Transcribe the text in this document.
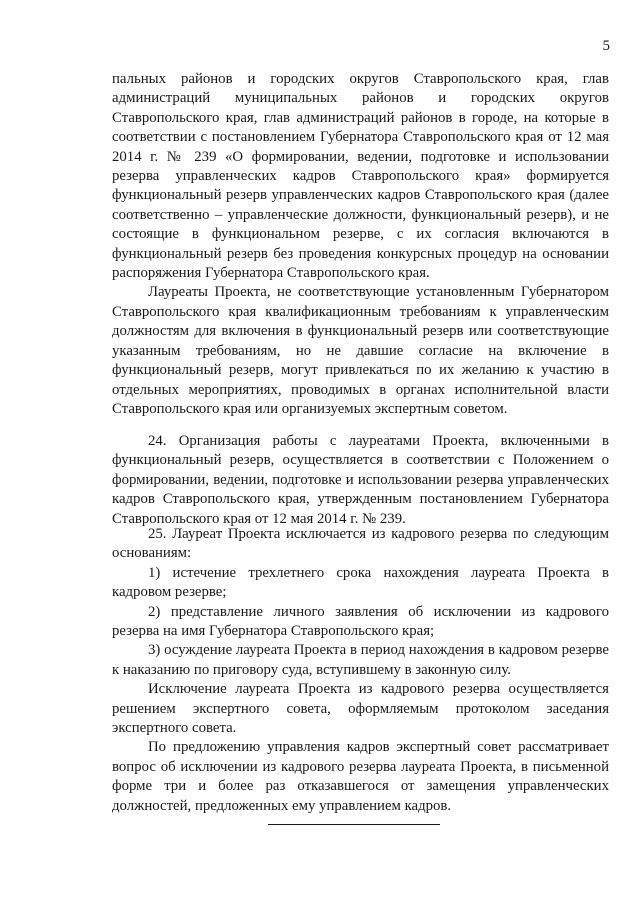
5

пальных районов и городских округов Ставропольского края, глав администраций муниципальных районов и городских округов Ставропольского края, глав администраций районов в городе, на которые в соответствии с постановлением Губернатора Ставропольского края от 12 мая 2014 г. № 239 «О формировании, ведении, подготовке и использовании резерва управленческих кадров Ставропольского края» формируется функциональный резерв управленческих кадров Ставропольского края (далее соответственно – управленческие должности, функциональный резерв), и не состоящие в функциональном резерве, с их согласия включаются в функциональный резерв без проведения конкурсных процедур на основании распоряжения Губернатора Ставропольского края.

Лауреаты Проекта, не соответствующие установленным Губернатором Ставропольского края квалификационным требованиям к управленческим должностям для включения в функциональный резерв или соответствующие указанным требованиям, но не давшие согласие на включение в функциональный резерв, могут привлекаться по их желанию к участию в отдельных мероприятиях, проводимых в органах исполнительной власти Ставропольского края или организуемых экспертным советом.

24. Организация работы с лауреатами Проекта, включенными в функциональный резерв, осуществляется в соответствии с Положением о формировании, ведении, подготовке и использовании резерва управленческих кадров Ставропольского края, утвержденным постановлением Губернатора Ставропольского края от 12 мая 2014 г. № 239.

25. Лауреат Проекта исключается из кадрового резерва по следующим основаниям:

1) истечение трехлетнего срока нахождения лауреата Проекта в кадровом резерве;

2) представление личного заявления об исключении из кадрового резерва на имя Губернатора Ставропольского края;

3) осуждение лауреата Проекта в период нахождения в кадровом резерве к наказанию по приговору суда, вступившему в законную силу.

Исключение лауреата Проекта из кадрового резерва осуществляется решением экспертного совета, оформляемым протоколом заседания экспертного совета.

По предложению управления кадров экспертный совет рассматривает вопрос об исключении из кадрового резерва лауреата Проекта, в письменной форме три и более раз отказавшегося от замещения управленческих должностей, предложенных ему управлением кадров.
